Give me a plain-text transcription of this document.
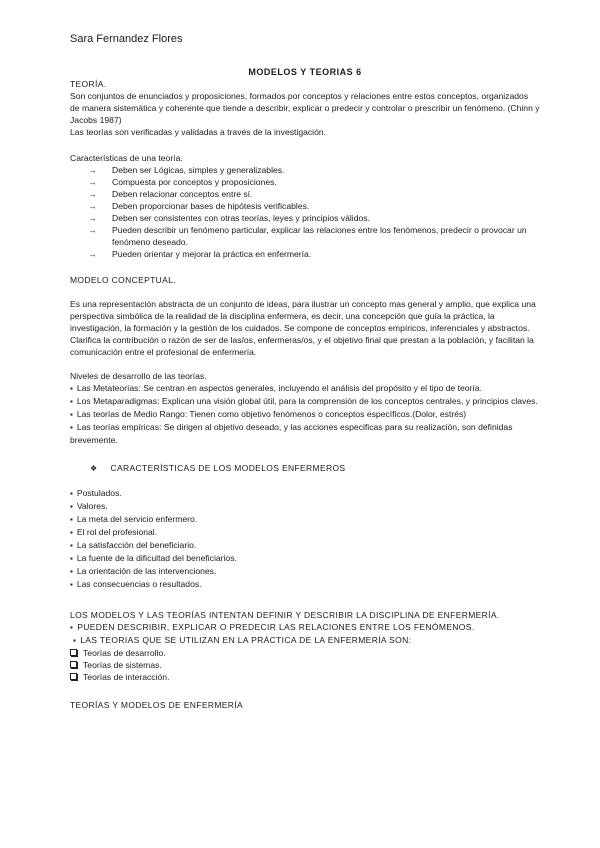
Sara Fernandez Flores
MODELOS Y TEORIAS 6
TEORÍA.

Son conjuntos de enunciados y proposiciones, formados por conceptos y relaciones entre estos conceptos, organizados de manera sistemática y coherente que tiende a describir, explicar o predecir y controlar o prescribir un fenómeno. (Chinn y Jacobs 1987)

Las teorías son verificadas y validadas a través de la investigación.

Características de una teoría.
→ Deben ser Lógicas, simples y generalizables.
→ Compuesta por conceptos y proposiciones.
→ Deben relacionar conceptos entre sí.
→ Deben proporcionar bases de hipótesis verificables.
→ Deben ser consistentes con otras teorías, leyes y principios válidos.
→ Pueden describir un fenómeno particular, explicar las relaciones entre los fenómenos, predecir o provocar un fenómeno deseado.
→ Pueden orientar y mejorar la práctica en enfermería.
MODELO CONCEPTUAL.

Es una representación abstracta de un conjunto de ideas, para ilustrar un concepto mas general y amplio, que explica una perspectiva simbólica de la realidad de la disciplina enfermera, es decir, una concepción que guía la práctica, la investigación, la formación y la gestión de los cuidados. Se compone de conceptos empíricos, inferenciales y abstractos.

Clarifica la contribución o razón de ser de las/os, enfermeras/os, y el objetivo final que prestan a la población, y facilitan la comunicación entre el profesional de enfermería.

Niveles de desarrollo de las teorías.
▪ Las Metateorías: Se centran en aspectos generales, incluyendo el análisis del propósito y el tipo de teoría.
▪ Los Metaparadigmas: Explican una visión global útil, para la comprensión de los conceptos centrales, y principios claves.
▪ Las teorías de Medio Rango: Tienen como objetivo fenómenos o conceptos específicos.(Dolor, estrés)
▪ Las teorías empíricas: Se dirigen al objetivo deseado, y las acciones especificas para su realización, son definidas brevemente.
❖ CARACTERÍSTICAS DE LOS MODELOS ENFERMEROS
▪ Postulados.
▪ Valores.
▪ La meta del servicio enfermero.
▪ El rol del profesional.
▪ La satisfacción del beneficiario.
▪ La fuente de la dificultad del beneficiarios.
▪ La orientación de las intervenciones.
▪ Las consecuencias o resultados.
LOS MODELOS Y LAS TEORÍAS INTENTAN DEFINIR Y DESCRIBIR LA DISCIPLINA DE ENFERMERÍA.
▪ PUEDEN DESCRIBIR, EXPLICAR O PREDECIR LAS RELACIONES ENTRE LOS FENÓMENOS.
▪ LAS TEORIAS QUE SE UTILIZAN EN LA PRÁCTICA DE LA ENFERMERÍA SON:
Teorías de desarrollo.
Teorías de sistemas.
Teorías de interacción.
TEORÍAS Y MODELOS DE ENFERMERÍA
